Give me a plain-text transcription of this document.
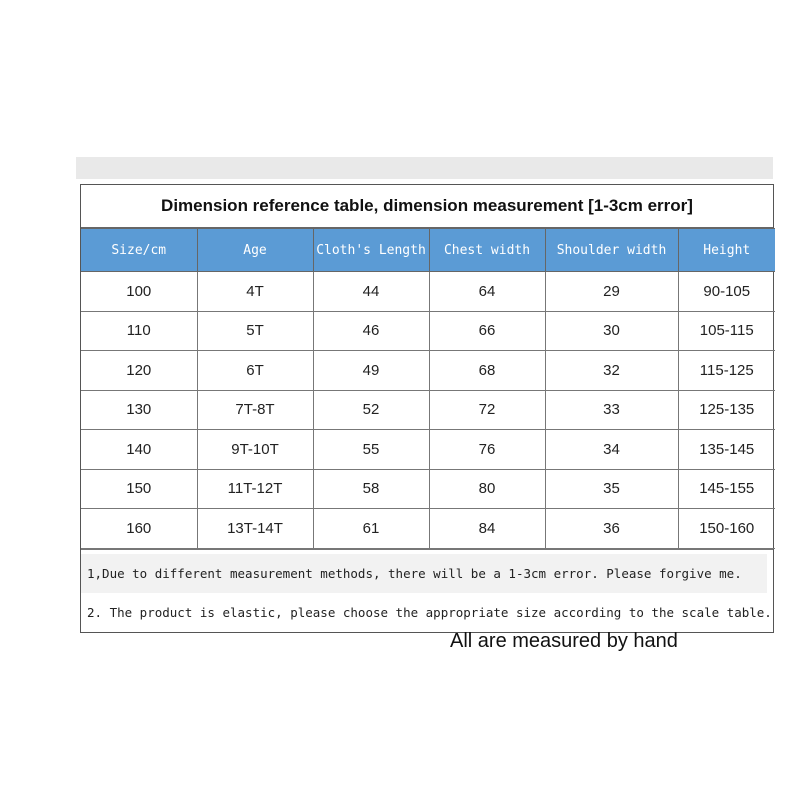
Dimension reference table, dimension measurement [1-3cm error]
Size/cm	Age	Cloth's Length	Chest width	Shoulder width	Height
100	4T	44	64	29	90-105
110	5T	46	66	30	105-115
120	6T	49	68	32	115-125
130	7T-8T	52	72	33	125-135
140	9T-10T	55	76	34	135-145
150	11T-12T	58	80	35	145-155
160	13T-14T	61	84	36	150-160
1,Due to different measurement methods, there will be a 1-3cm error. Please forgive me.
2. The product is elastic, please choose the appropriate size according to the scale table.
All are measured by hand
